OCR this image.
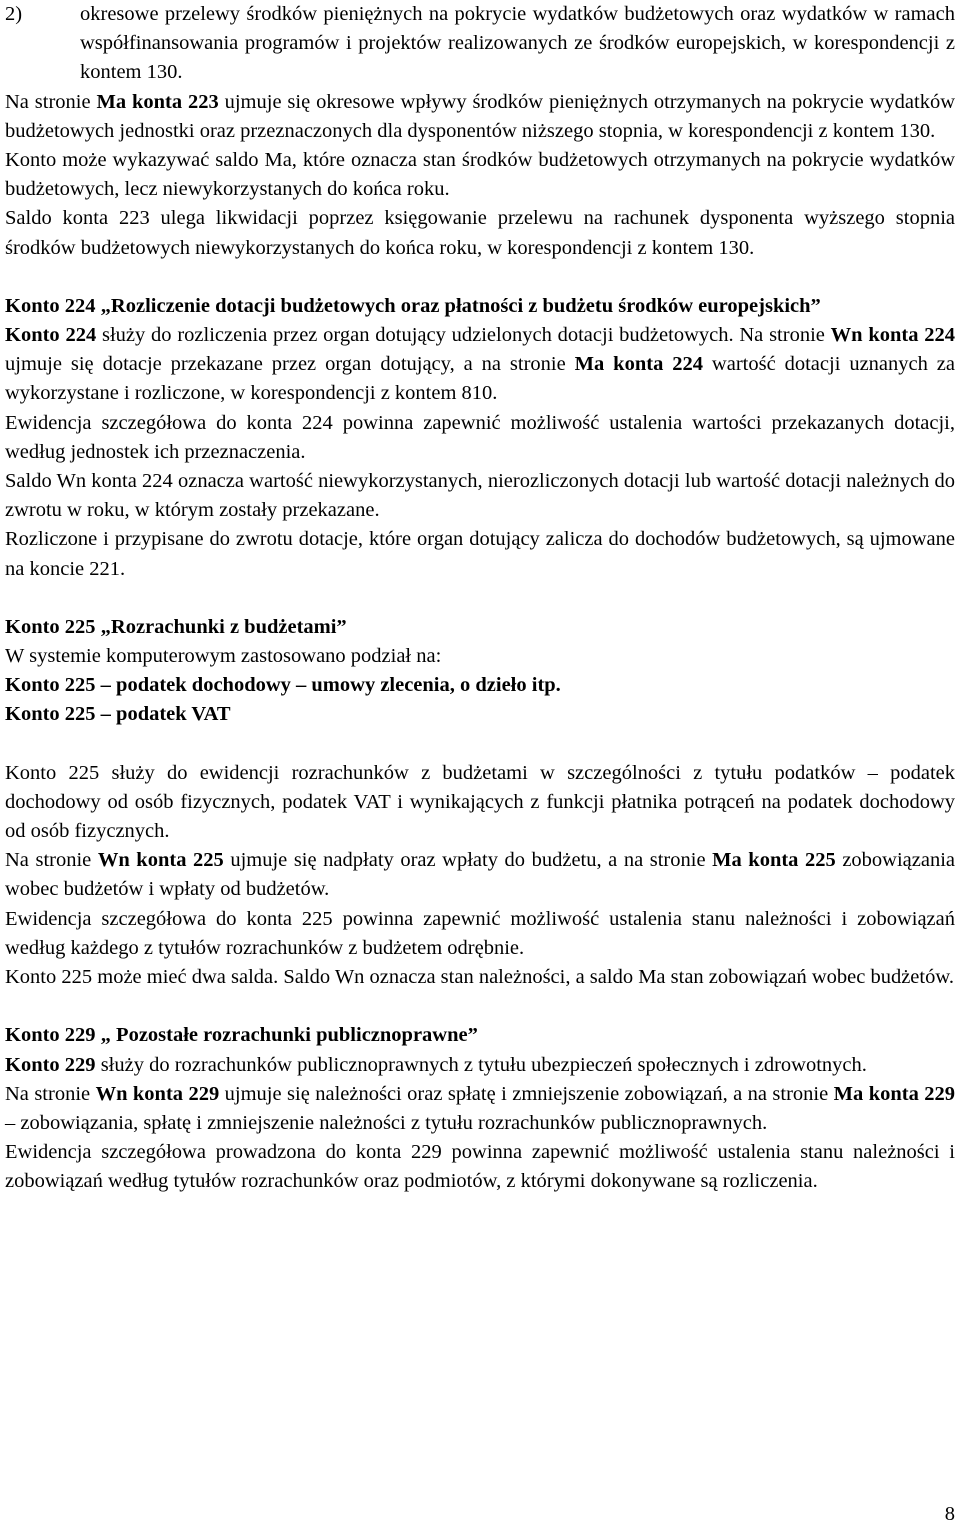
2)	okresowe przelewy środków pieniężnych na pokrycie wydatków budżetowych oraz wydatków w ramach współfinansowania programów i projektów realizowanych ze środków europejskich, w korespondencji z kontem 130.

Na stronie Ma konta 223 ujmuje się okresowe wpływy środków pieniężnych otrzymanych na pokrycie wydatków budżetowych jednostki oraz przeznaczonych dla dysponentów niższego stopnia, w korespondencji z kontem 130.

Konto może wykazywać saldo Ma, które oznacza stan środków budżetowych otrzymanych na pokrycie wydatków budżetowych, lecz niewykorzystanych do końca roku.

Saldo konta 223 ulega likwidacji poprzez księgowanie przelewu na rachunek dysponenta wyższego stopnia środków budżetowych niewykorzystanych do końca roku, w korespondencji z kontem 130.

Konto 224 „Rozliczenie dotacji budżetowych oraz płatności z budżetu środków europejskich”

Konto 224 służy do rozliczenia przez organ dotujący udzielonych dotacji budżetowych. Na stronie Wn konta 224 ujmuje się dotacje przekazane przez organ dotujący, a na stronie Ma konta 224 wartość dotacji uznanych za wykorzystane i rozliczone, w korespondencji z kontem 810.

Ewidencja szczegółowa do konta 224 powinna zapewnić możliwość ustalenia wartości przekazanych dotacji, według jednostek ich przeznaczenia.

Saldo Wn konta 224 oznacza wartość niewykorzystanych, nierozliczonych dotacji lub wartość dotacji należnych do zwrotu w roku, w którym zostały przekazane.

Rozliczone i przypisane do zwrotu dotacje, które organ dotujący zalicza do dochodów budżetowych, są ujmowane na koncie 221.

Konto 225 „Rozrachunki z budżetami”

W systemie komputerowym zastosowano podział na:

Konto 225 – podatek dochodowy – umowy zlecenia, o dzieło itp.

Konto 225 – podatek VAT

Konto 225 służy do ewidencji rozrachunków z budżetami w szczególności z tytułu podatków – podatek dochodowy od osób fizycznych, podatek VAT i wynikających z funkcji płatnika potrąceń na podatek dochodowy od osób fizycznych.

Na stronie Wn konta 225 ujmuje się nadpłaty oraz wpłaty do budżetu, a na stronie Ma konta 225 zobowiązania wobec budżetów i wpłaty od budżetów.

Ewidencja szczegółowa do konta 225 powinna zapewnić możliwość ustalenia stanu należności i zobowiązań według każdego z tytułów rozrachunków z budżetem odrębnie.

Konto 225 może mieć dwa salda. Saldo Wn oznacza stan należności, a saldo Ma stan zobowiązań wobec budżetów.

Konto 229 „ Pozostałe rozrachunki publicznoprawne”

Konto 229 służy do rozrachunków publicznoprawnych z tytułu ubezpieczeń społecznych i zdrowotnych.

Na stronie Wn konta 229 ujmuje się należności oraz spłatę i zmniejszenie zobowiązań, a na stronie Ma konta 229 – zobowiązania, spłatę i zmniejszenie należności z tytułu rozrachunków publicznoprawnych.

Ewidencja szczegółowa prowadzona do konta 229 powinna zapewnić możliwość ustalenia stanu należności i zobowiązań według tytułów rozrachunków oraz podmiotów, z którymi dokonywane są rozliczenia.

8
